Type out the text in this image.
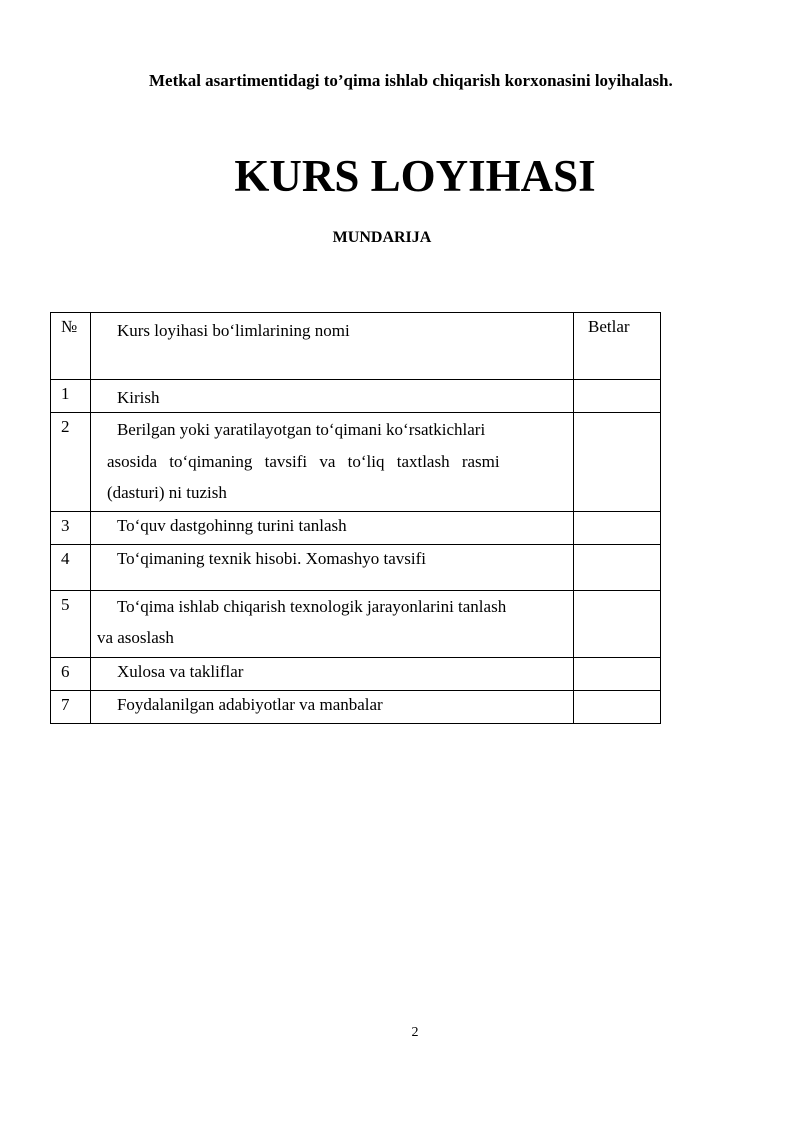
Metkal asartimentidagi to’qima ishlab chiqarish korxonasini loyihalash.
KURS LOYIHASI
MUNDARIJA
№	Kurs loyihasi bo‘limlarining nomi	Betlar
1	Kirish	

2	Berilgan yoki yaratilayotgan to‘qimani ko‘rsatkichlari
asosida to‘qimaning tavsifi va to‘liq taxtlash rasmi
(dasturi) ni tuzish	

3	To‘quv dastgohinng turini tanlash	

4	To‘qimaning texnik hisobi. Xomashyo tavsifi	

5	To‘qima ishlab chiqarish texnologik jarayonlarini tanlash
va asoslash	

6	Xulosa va takliflar	

7	Foydalanilgan adabiyotlar va manbalar	

2
